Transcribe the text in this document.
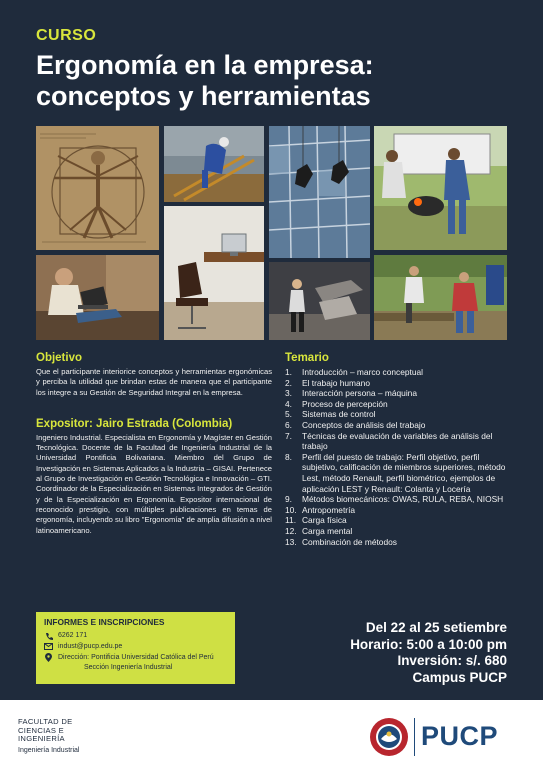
CURSO
Ergonomía en la empresa:
conceptos y herramientas
Objetivo
Que el participante interiorice conceptos y herramientas ergonómicas y perciba la utilidad que brindan estas de manera que el participante los integre a su Gestión de Seguridad Integral en la empresa.
Expositor: Jairo Estrada (Colombia)
Ingeniero Industrial. Especialista en Ergonomía y Magíster en Gestión Tecnológica. Docente de la Facultad de Ingeniería Industrial de la Universidad Pontificia Bolivariana. Miembro del Grupo de Investigación en Sistemas Aplicados a la Industria – GISAI. Pertenece al Grupo de Investigación en Gestión Tecnológica e Innovación – GTI. Coordinador de la Especialización en Sistemas Integrados de Gestión y de la Especialización en Ergonomía. Expositor internacional de reconocido prestigio, con múltiples publicaciones en temas de ergonomía, incluyendo su libro "Ergonomía" de amplia difusión a nivel latinoamericano.
Temario
1.	Introducción – marco conceptual
2.	El trabajo humano
3.	Interacción persona – máquina
4.	Proceso de percepción
5.	Sistemas de control
6.	Conceptos de análisis del trabajo
7.	Técnicas de evaluación de variables de análisis del trabajo
8.	Perfil del puesto de trabajo: Perfil objetivo, perfil subjetivo, calificación de miembros superiores, método Lest, método Renault, perfil biométrico, ejemplos de aplicación LEST y Renault: Colanta y Locería
9.	Métodos biomecánicos: OWAS, RULA, REBA, NIOSH
10. Antropometría
11. Carga física
12. Carga mental
13. Combinación de métodos
INFORMES E INSCRIPCIONES
6262 171
indust@pucp.edu.pe
Dirección: Pontificia Universidad Católica del Perú
Sección Ingeniería Industrial
Del 22 al 25 setiembre
Horario: 5:00 a 10:00 pm
Inversión: s/. 680
Campus PUCP
FACULTAD DE
CIENCIAS E
INGENIERÍA
Ingeniería Industrial	PUCP
